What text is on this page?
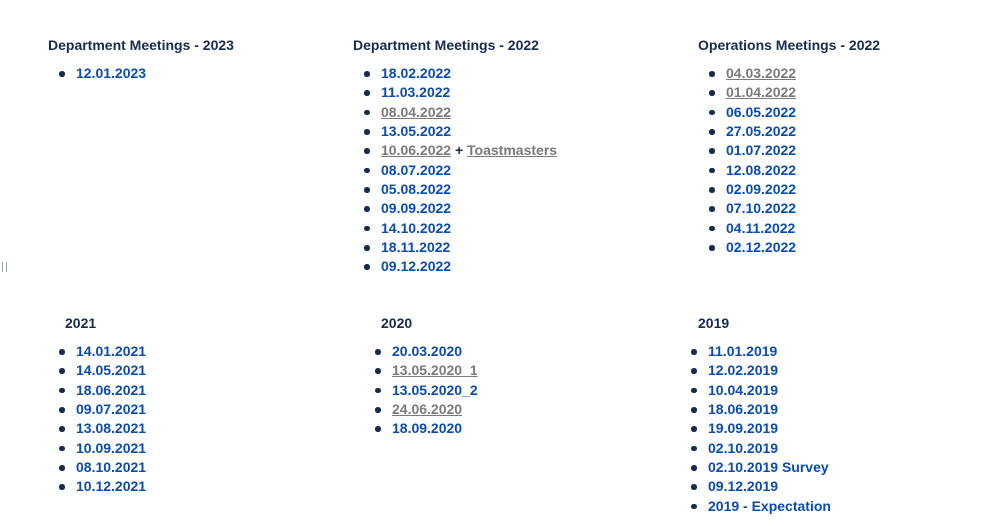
Department Meetings - 2023
12.01.2023
Department Meetings - 2022
18.02.2022
11.03.2022
08.04.2022
13.05.2022
10.06.2022 + Toastmasters
08.07.2022
05.08.2022
09.09.2022
14.10.2022
18.11.2022
09.12.2022
Operations Meetings - 2022
04.03.2022
01.04.2022
06.05.2022
27.05.2022
01.07.2022
12.08.2022
02.09.2022
07.10.2022
04.11.2022
02.12.2022
2021
14.01.2021
14.05.2021
18.06.2021
09.07.2021
13.08.2021
10.09.2021
08.10.2021
10.12.2021
2020
20.03.2020
13.05.2020_1
13.05.2020_2
24.06.2020
18.09.2020
2019
11.01.2019
12.02.2019
10.04.2019
18.06.2019
19.09.2019
02.10.2019
02.10.2019 Survey
09.12.2019
2019 - Expectation
